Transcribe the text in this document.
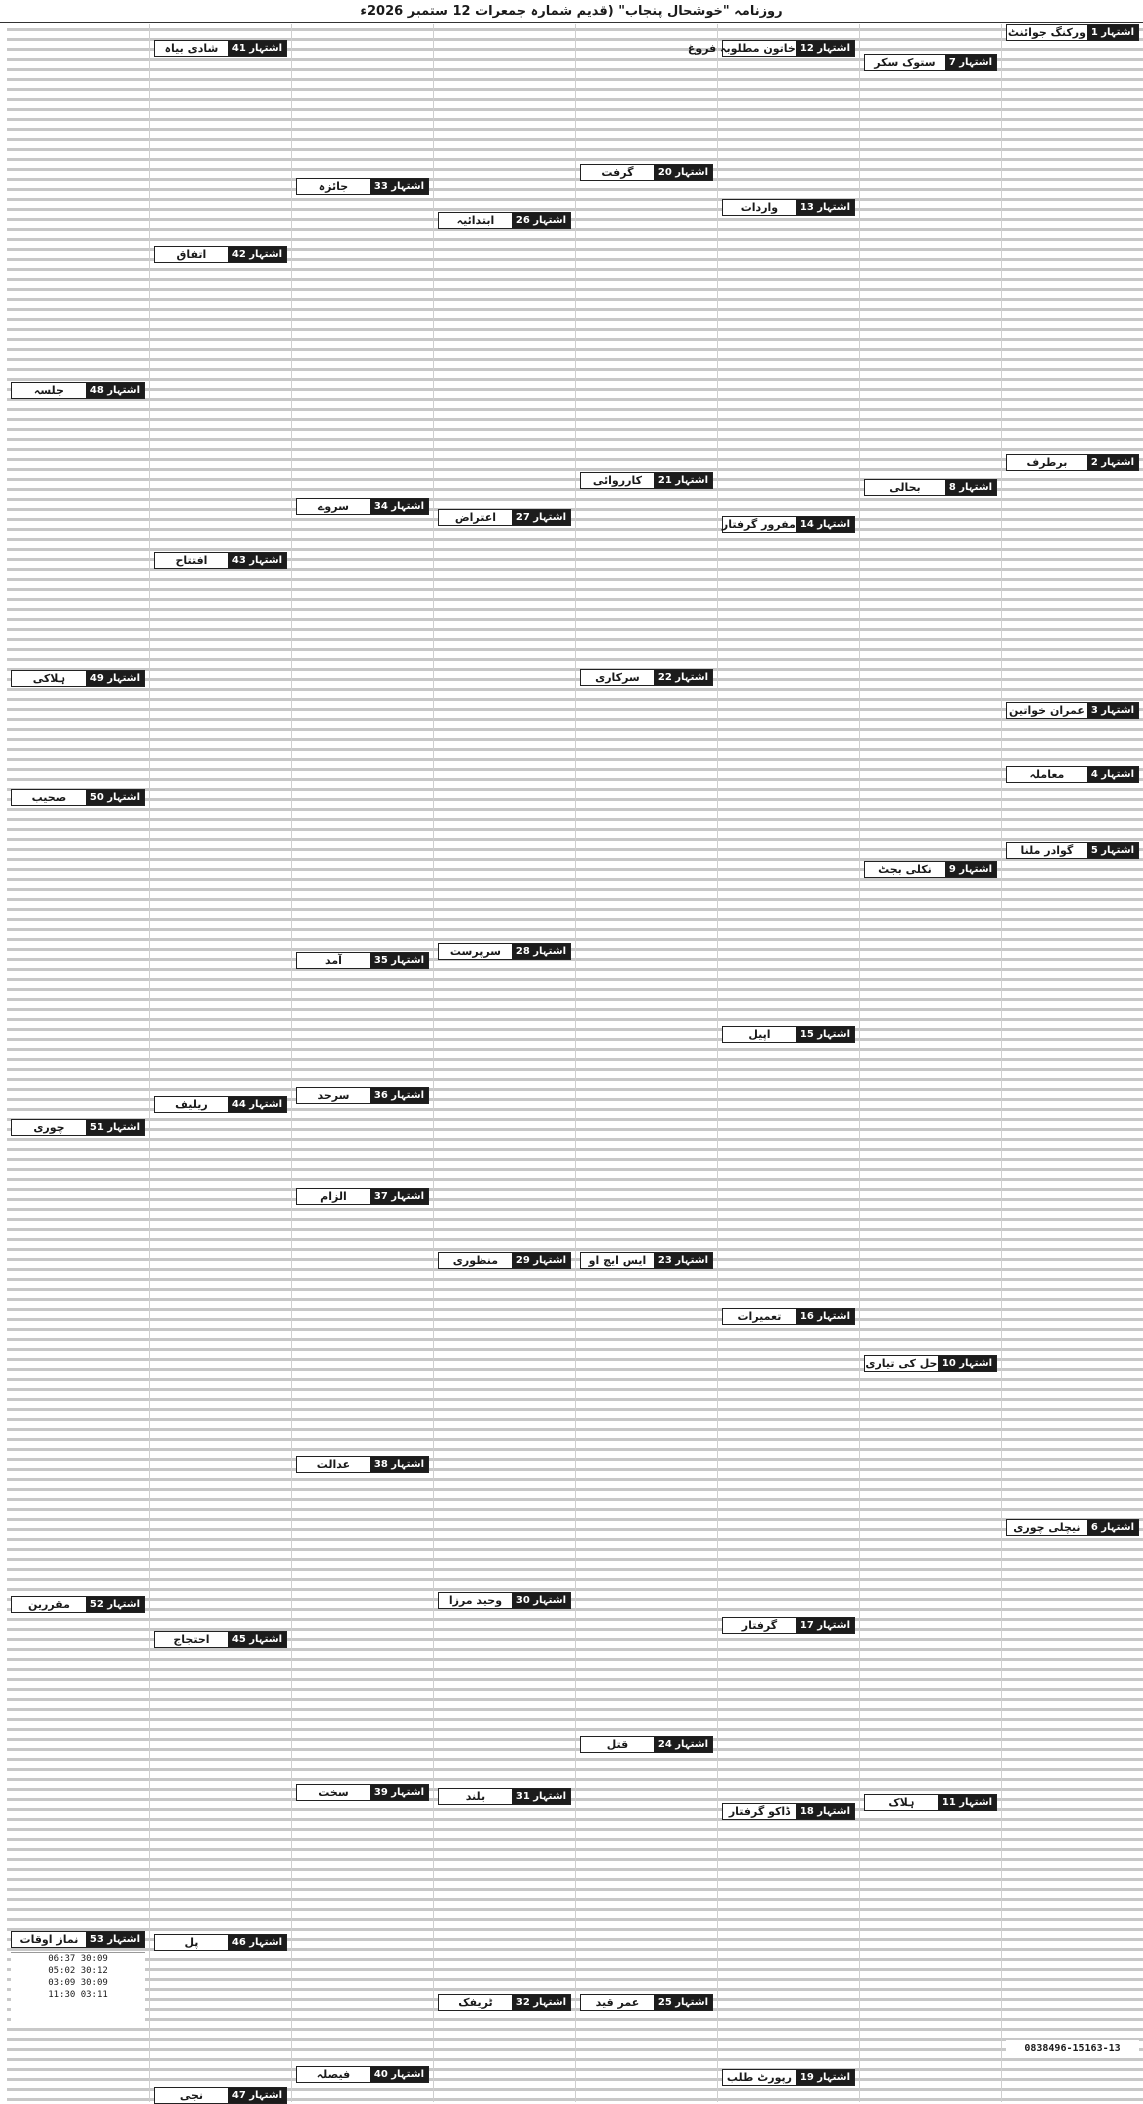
روزنامہ "خوشحال پنجاب" (قدیم شمارہ جمعرات 12 ستمبر 2026ء
اشتہار 1
ورکنگ جوائنٹ
اشتہار 2
برطرف
اشتہار 3
عمران خواتین
اشتہار 4
معاملہ
اشتہار 5
گوادر ملنا
اشتہار 6
نیچلی چوری
0838496-15163-13
اشتہار 7
ستوک سکر
اشتہار 8
بحالی
اشتہار 9
نکلی بجٹ
اشتہار 10
حل کی تیاری
اشتہار 11
ہلاک
اشتہار 12
خاتون مطلوبہ فروغ
اشتہار 13
واردات
اشتہار 14
مفرور گرفتار
اشتہار 15
اپیل
اشتہار 16
تعمیرات
اشتہار 17
گرفتار
اشتہار 18
ڈاکو گرفتار
اشتہار 19
رپورٹ طلب
اشتہار 20
گرفت
اشتہار 21
کارروائی
اشتہار 22
سرکاری
اشتہار 23
ایس ایچ او
اشتہار 24
قتل
اشتہار 25
عمر قید
اشتہار 26
ابتدائیہ
اشتہار 27
اعتراض
اشتہار 28
سرپرست
اشتہار 29
منظوری
اشتہار 30
وحید مرزا
اشتہار 31
بلند
اشتہار 32
ٹریفک
اشتہار 33
جائزہ
اشتہار 34
سروے
اشتہار 35
آمد
اشتہار 36
سرحد
اشتہار 37
الزام
اشتہار 38
عدالت
اشتہار 39
سخت
اشتہار 40
فیصلہ
اشتہار 41
شادی بیاہ
اشتہار 42
اتفاق
اشتہار 43
افتتاح
اشتہار 44
ریلیف
اشتہار 45
احتجاج
اشتہار 46
پل
اشتہار 47
نجی
اشتہار 48
جلسہ
اشتہار 49
ہلاکی
اشتہار 50
صحیب
اشتہار 51
چوری
اشتہار 52
مقررین
اشتہار 53
نماز اوقات
06:37 30:09
05:02 30:12
03:09 30:09
11:30 03:11
